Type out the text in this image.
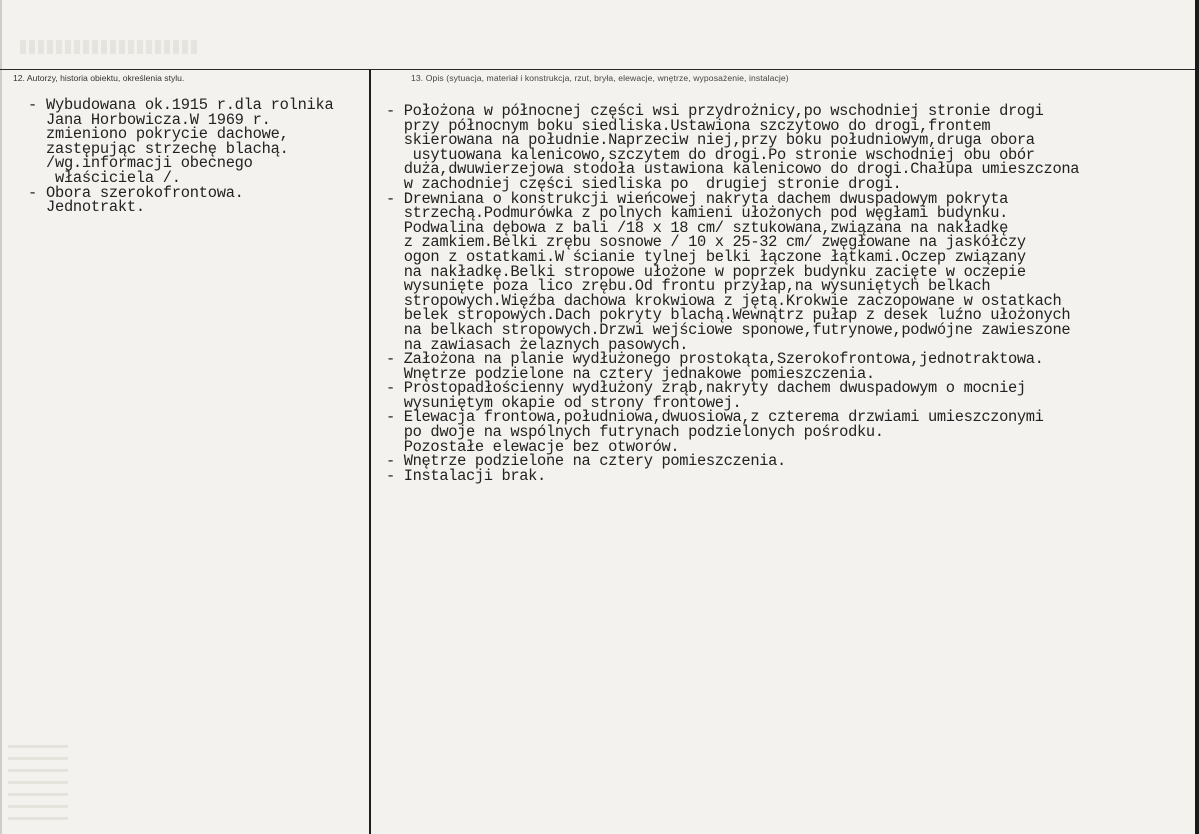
12. Autorzy, historia obiektu, określenia stylu.	13. Opis (sytuacja, materiał i konstrukcja, rzut, bryła, elewacje, wnętrze, wyposażenie, instalacje)
- Wybudowana ok.1915 r.dla rolnika
Jana Horbowicza.W 1969 r.
zmieniono pokrycie dachowe,
zastępując strzechę blachą.
/wg.informacji obecnego
właściciela /.
- Obora szerokofrontowa.
Jednotrakt.
- Położona w północnej części wsi przydrożnicy,po wschodniej stronie drogi
przy północnym boku siedliska.Ustawiona szczytowo do drogi,frontem
skierowana na południe.Naprzeciw niej,przy boku południowym,druga obora
usytuowana kalenicowo,szczytem do drogi.Po stronie wschodniej obu obór
duża,dwuwierzejowa stodoła ustawiona kalenicowo do drogi.Chałupa umieszczona
w zachodniej części siedliska po  drugiej stronie drogi.
- Drewniana o konstrukcji wieńcowej nakryta dachem dwuspadowym pokryta
strzechą.Podmurówka z polnych kamieni ułożonych pod węgłami budynku.
Podwalina dębowa z bali /18 x 18 cm/ sztukowana,związana na nakładkę
z zamkiem.Belki zrębu sosnowe / 10 x 25-32 cm/ zwęgłowane na jaskółczy
ogon z ostatkami.W ścianie tylnej belki łączone łątkami.Oczep związany
na nakładkę.Belki stropowe ułożone w poprzek budynku zacięte w oczepie
wysunięte poza lico zrębu.Od frontu przyłap,na wysuniętych belkach
stropowych.Więźba dachowa krokwiowa z jętą.Krokwie zaczopowane w ostatkach
belek stropowych.Dach pokryty blachą.Wewnątrz pułap z desek luźno ułożonych
na belkach stropowych.Drzwi wejściowe sponowe,futrynowe,podwójne zawieszone
na zawiasach żelaznych pasowych.
- Założona na planie wydłużonego prostokąta,Szerokofrontowa,jednotraktowa.
Wnętrze podzielone na cztery jednakowe pomieszczenia.
- Prostopadłościenny wydłużony zrąb,nakryty dachem dwuspadowym o mocniej
wysuniętym okapie od strony frontowej.
- Elewacja frontowa,południowa,dwuosiowa,z czterema drzwiami umieszczonymi
po dwoje na wspólnych futrynach podzielonych pośrodku.
Pozostałe elewacje bez otworów.
- Wnętrze podzielone na cztery pomieszczenia.
- Instalacji brak.
